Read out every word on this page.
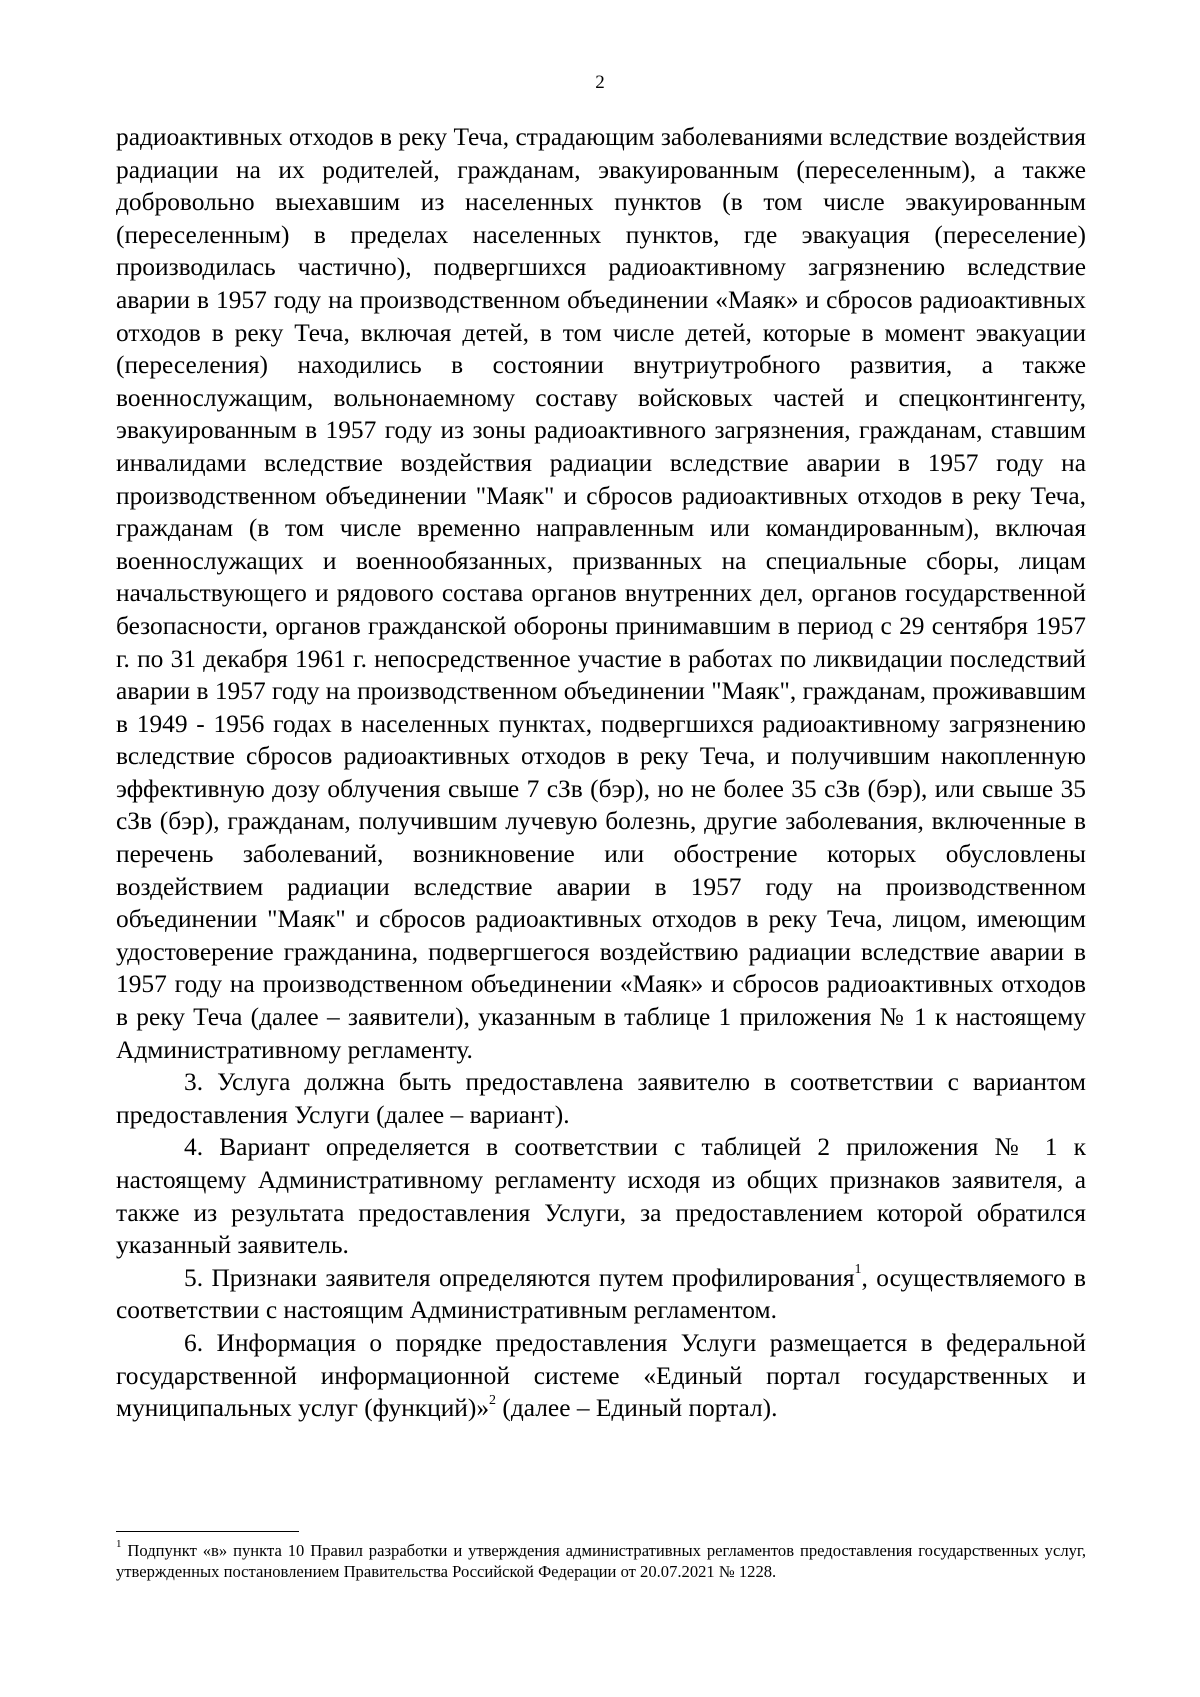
2

радиоактивных отходов в реку Теча, страдающим заболеваниями вследствие воздействия радиации на их родителей, гражданам, эвакуированным (переселенным), а также добровольно выехавшим из населенных пунктов (в том числе эвакуированным (переселенным) в пределах населенных пунктов, где эвакуация (переселение) производилась частично), подвергшихся радиоактивному загрязнению вследствие аварии в 1957 году на производственном объединении «Маяк» и сбросов радиоактивных отходов в реку Теча, включая детей, в том числе детей, которые в момент эвакуации (переселения) находились в состоянии внутриутробного развития, а также военнослужащим, вольнонаемному составу войсковых частей и спецконтингенту, эвакуированным в 1957 году из зоны радиоактивного загрязнения, гражданам, ставшим инвалидами вследствие воздействия радиации вследствие аварии в 1957 году на производственном объединении "Маяк" и сбросов радиоактивных отходов в реку Теча, гражданам (в том числе временно направленным или командированным), включая военнослужащих и военнообязанных, призванных на специальные сборы, лицам начальствующего и рядового состава органов внутренних дел, органов государственной безопасности, органов гражданской обороны принимавшим в период с 29 сентября 1957 г. по 31 декабря 1961 г. непосредственное участие в работах по ликвидации последствий аварии в 1957 году на производственном объединении "Маяк", гражданам, проживавшим в 1949 - 1956 годах в населенных пунктах, подвергшихся радиоактивному загрязнению вследствие сбросов радиоактивных отходов в реку Теча, и получившим накопленную эффективную дозу облучения свыше 7 сЗв (бэр), но не более 35 сЗв (бэр), или свыше 35 сЗв (бэр), гражданам, получившим лучевую болезнь, другие заболевания, включенные в перечень заболеваний, возникновение или обострение которых обусловлены воздействием радиации вследствие аварии в 1957 году на производственном объединении "Маяк" и сбросов радиоактивных отходов в реку Теча, лицом, имеющим удостоверение гражданина, подвергшегося воздействию радиации вследствие аварии в 1957 году на производственном объединении «Маяк» и сбросов радиоактивных отходов в реку Теча (далее – заявители), указанным в таблице 1 приложения № 1 к настоящему Административному регламенту.

3. Услуга должна быть предоставлена заявителю в соответствии с вариантом предоставления Услуги (далее – вариант).

4. Вариант определяется в соответствии с таблицей 2 приложения № 1 к настоящему Административному регламенту исходя из общих признаков заявителя, а также из результата предоставления Услуги, за предоставлением которой обратился указанный заявитель.

5. Признаки заявителя определяются путем профилирования$^1$, осуществляемого в соответствии с настоящим Административным регламентом.

6. Информация о порядке предоставления Услуги размещается в федеральной государственной информационной системе «Единый портал государственных и муниципальных услуг (функций)»$^2$ (далее – Единый портал).

$^1$ Подпункт «в» пункта 10 Правил разработки и утверждения административных регламентов предоставления государственных услуг, утвержденных постановлением Правительства Российской Федерации от 20.07.2021 № 1228.
